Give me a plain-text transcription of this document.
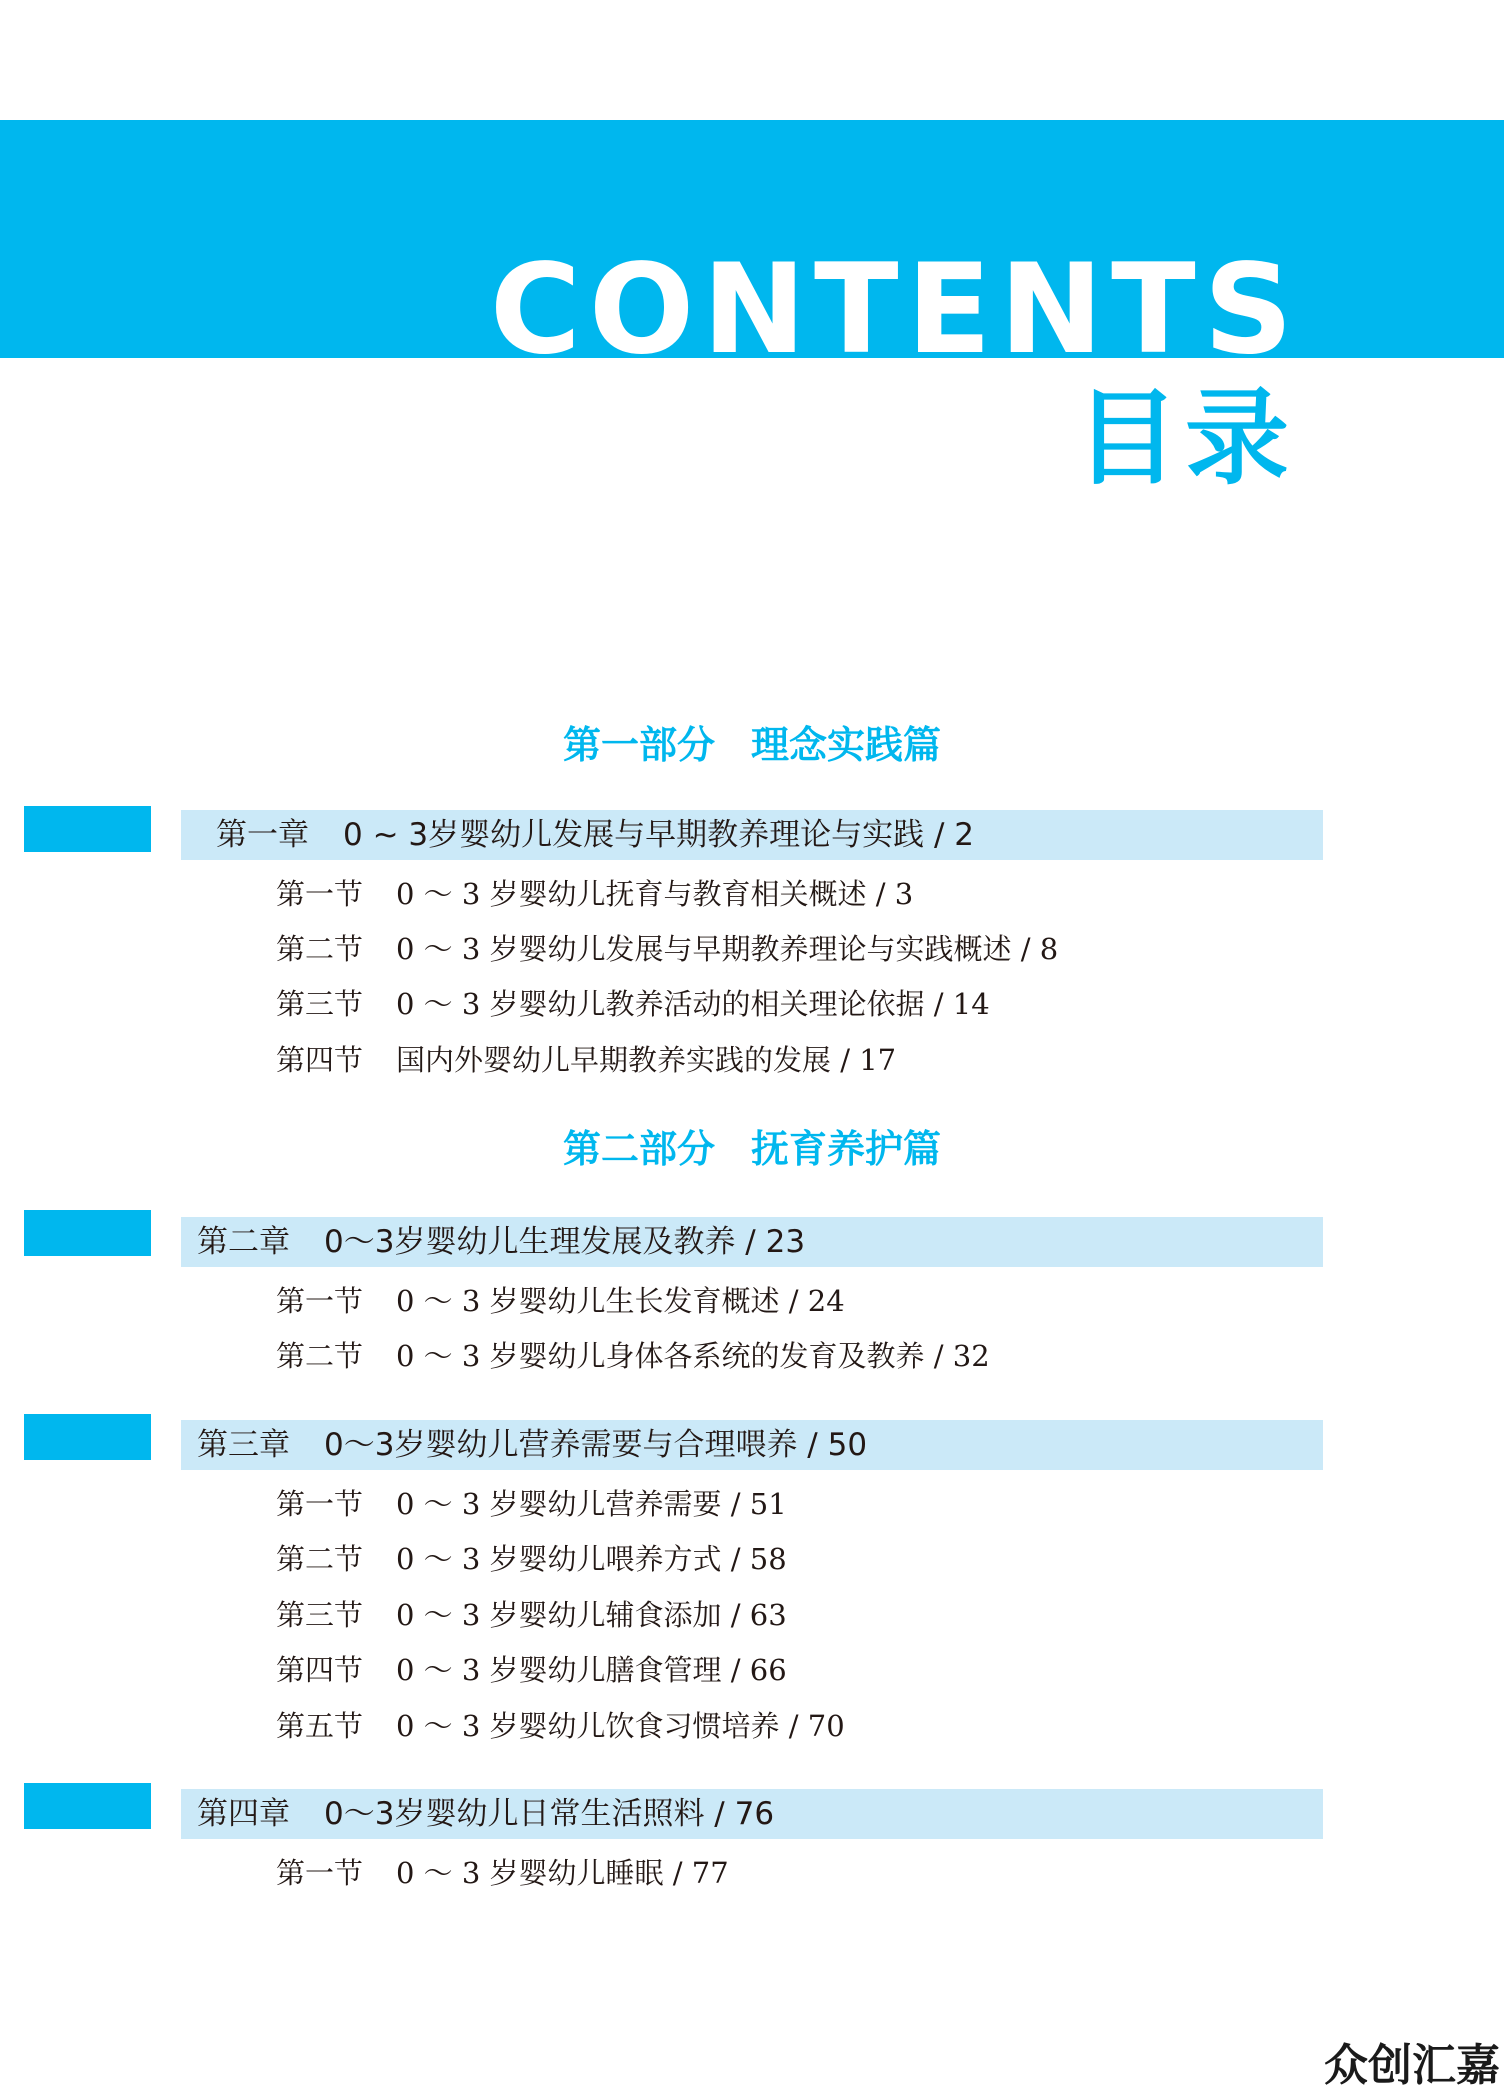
CONTENTS
目录
第一部分 理念实践篇
第一章 0 ~ 3岁婴幼儿发展与早期教养理论与实践 / 2
第一节 0 ～ 3 岁婴幼儿抚育与教育相关概述 / 3
第二节 0 ～ 3 岁婴幼儿发展与早期教养理论与实践概述 / 8
第三节 0 ～ 3 岁婴幼儿教养活动的相关理论依据 / 14
第四节 国内外婴幼儿早期教养实践的发展 / 17
第二部分 抚育养护篇
第二章 0～3岁婴幼儿生理发展及教养 / 23
第一节 0 ～ 3 岁婴幼儿生长发育概述 / 24
第二节 0 ～ 3 岁婴幼儿身体各系统的发育及教养 / 32
第三章 0～3岁婴幼儿营养需要与合理喂养 / 50
第一节 0 ～ 3 岁婴幼儿营养需要 / 51
第二节 0 ～ 3 岁婴幼儿喂养方式 / 58
第三节 0 ～ 3 岁婴幼儿辅食添加 / 63
第四节 0 ～ 3 岁婴幼儿膳食管理 / 66
第五节 0 ～ 3 岁婴幼儿饮食习惯培养 / 70
第四章 0～3岁婴幼儿日常生活照料 / 76
第一节 0 ～ 3 岁婴幼儿睡眠 / 77
众创汇嘉
